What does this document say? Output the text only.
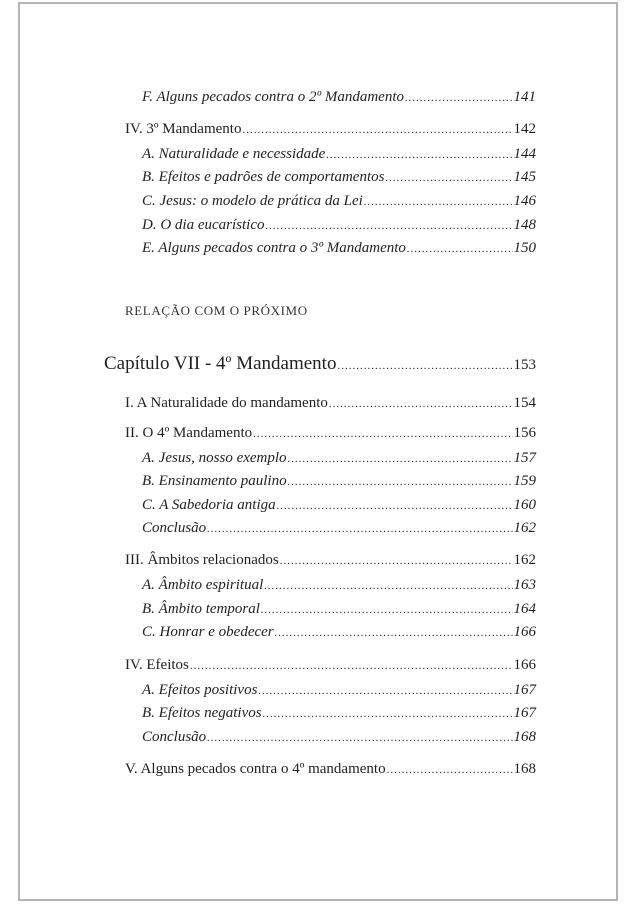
F. Alguns pecados contra o 2º Mandamento .....	141
IV. 3º Mandamento .....	142
A. Naturalidade e necessidade .....	144
B. Efeitos e padrões de comportamentos .....	145
C. Jesus: o modelo de prática da Lei .....	146
D. O dia eucarístico .....	148
E. Alguns pecados contra o 3º Mandamento .....	150
RELAÇÃO COM O PRÓXIMO
Capítulo VII - 4º Mandamento .....	153
I. A Naturalidade do mandamento .....	154
II. O 4º Mandamento .....	156
A. Jesus, nosso exemplo .....	157
B. Ensinamento paulino .....	159
C. A Sabedoria antiga .....	160
Conclusão .....	162
III. Âmbitos relacionados .....	162
A. Âmbito espiritual .....	163
B. Âmbito temporal .....	164
C. Honrar e obedecer .....	166
IV. Efeitos .....	166
A. Efeitos positivos .....	167
B. Efeitos negativos .....	167
Conclusão .....	168
V. Alguns pecados contra o 4º mandamento .....	168
